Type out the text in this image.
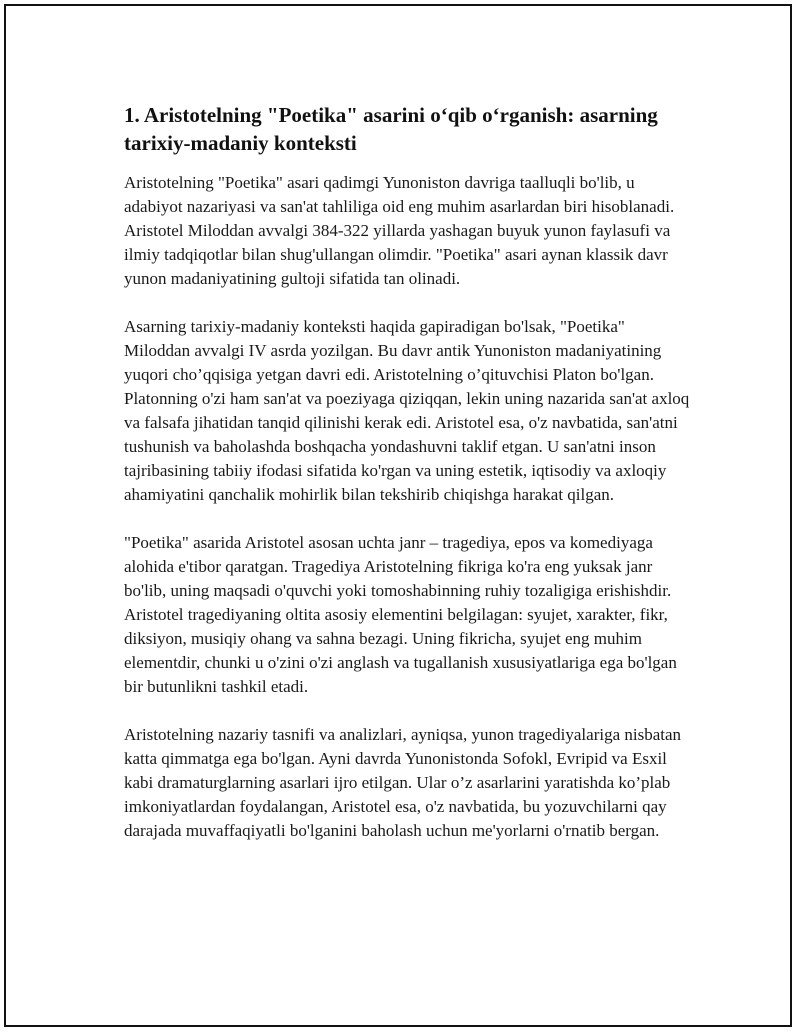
1. Aristotelning "Poetika" asarini o‘qib o‘rganish: asarning tarixiy-madaniy konteksti

Aristotelning "Poetika" asari qadimgi Yunoniston davriga taalluqli bo'lib, u adabiyot nazariyasi va san'at tahliliga oid eng muhim asarlardan biri hisoblanadi. Aristotel Miloddan avvalgi 384-322 yillarda yashagan buyuk yunon faylasufi va ilmiy tadqiqotlar bilan shug'ullangan olimdir. "Poetika" asari aynan klassik davr yunon madaniyatining gultoji sifatida tan olinadi.

Asarning tarixiy-madaniy konteksti haqida gapiradigan bo'lsak, "Poetika" Miloddan avvalgi IV asrda yozilgan. Bu davr antik Yunoniston madaniyatining yuqori cho’qqisiga yetgan davri edi. Aristotelning o’qituvchisi Platon bo'lgan. Platonning o'zi ham san'at va poeziyaga qiziqqan, lekin uning nazarida san'at axloq va falsafa jihatidan tanqid qilinishi kerak edi. Aristotel esa, o'z navbatida, san'atni tushunish va baholashda boshqacha yondashuvni taklif etgan. U san'atni inson tajribasining tabiiy ifodasi sifatida ko'rgan va uning estetik, iqtisodiy va axloqiy ahamiyatini qanchalik mohirlik bilan tekshirib chiqishga harakat qilgan.

"Poetika" asarida Aristotel asosan uchta janr – tragediya, epos va komediyaga alohida e'tibor qaratgan. Tragediya Aristotelning fikriga ko'ra eng yuksak janr bo'lib, uning maqsadi o'quvchi yoki tomoshabinning ruhiy tozaligiga erishishdir. Aristotel tragediyaning oltita asosiy elementini belgilagan: syujet, xarakter, fikr, diksiyon, musiqiy ohang va sahna bezagi. Uning fikricha, syujet eng muhim elementdir, chunki u o'zini o'zi anglash va tugallanish xususiyatlariga ega bo'lgan bir butunlikni tashkil etadi.

Aristotelning nazariy tasnifi va analizlari, ayniqsa, yunon tragediyalariga nisbatan katta qimmatga ega bo'lgan. Ayni davrda Yunonistonda Sofokl, Evripid va Esxil kabi dramaturglarning asarlari ijro etilgan. Ular o’z asarlarini yaratishda ko’plab imkoniyatlardan foydalangan, Aristotel esa, o'z navbatida, bu yozuvchilarni qay darajada muvaffaqiyatli bo'lganini baholash uchun me'yorlarni o'rnatib bergan.
